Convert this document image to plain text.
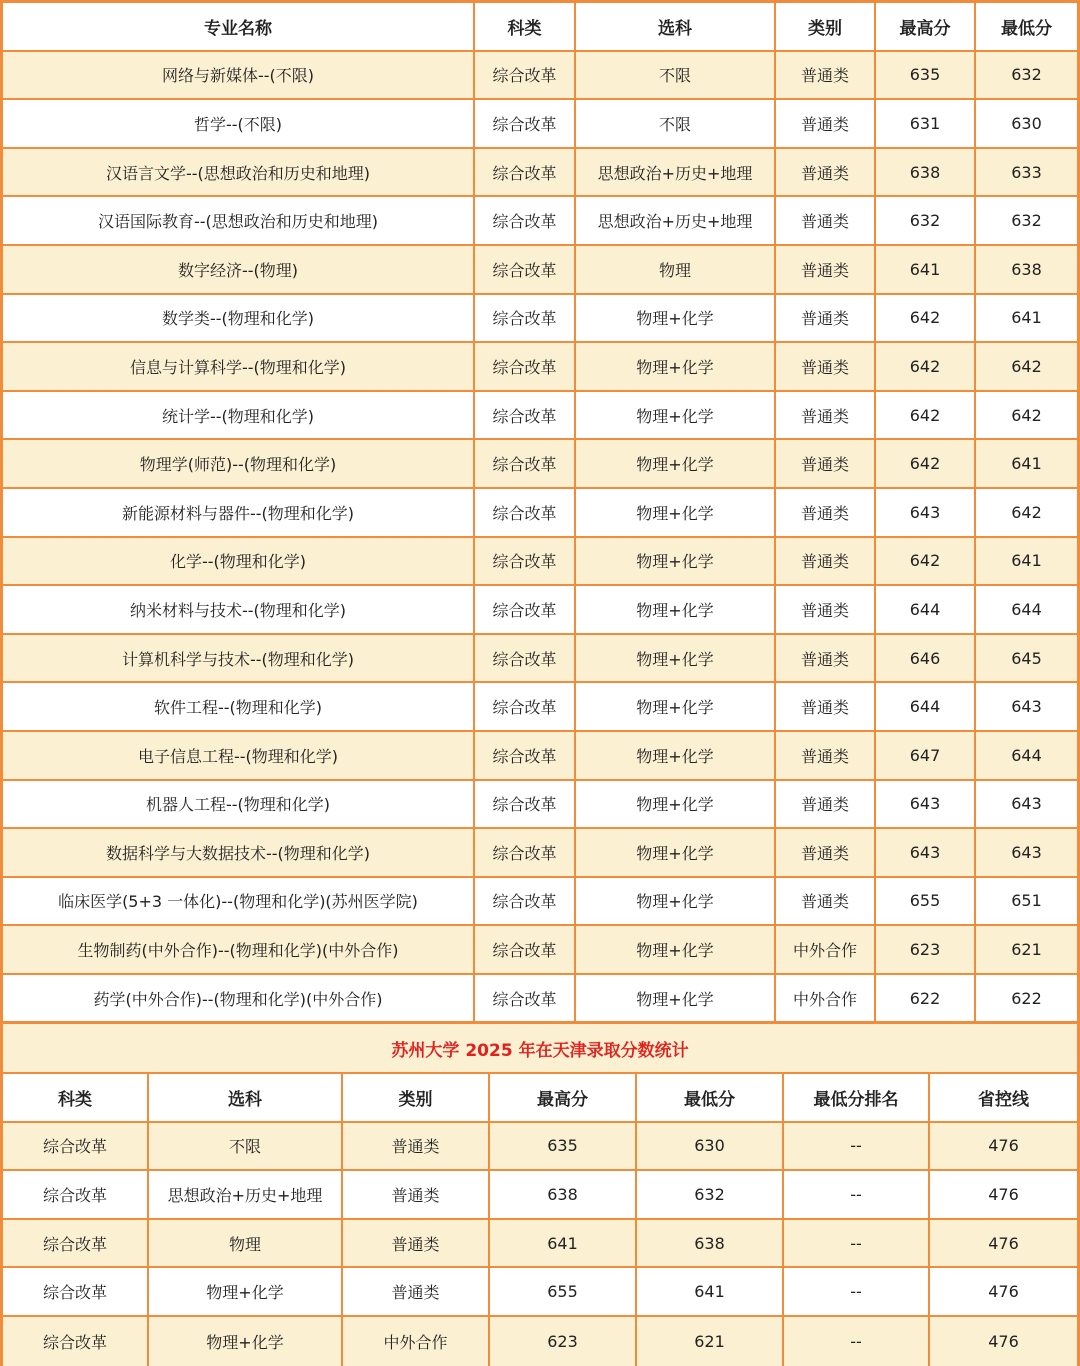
专业名称	科类	选科	类别	最高分	最低分
网络与新媒体--(不限)	综合改革	不限	普通类	635	632
哲学--(不限)	综合改革	不限	普通类	631	630
汉语言文学--(思想政治和历史和地理)	综合改革	思想政治+历史+地理	普通类	638	633
汉语国际教育--(思想政治和历史和地理)	综合改革	思想政治+历史+地理	普通类	632	632
数字经济--(物理)	综合改革	物理	普通类	641	638
数学类--(物理和化学)	综合改革	物理+化学	普通类	642	641
信息与计算科学--(物理和化学)	综合改革	物理+化学	普通类	642	642
统计学--(物理和化学)	综合改革	物理+化学	普通类	642	642
物理学(师范)--(物理和化学)	综合改革	物理+化学	普通类	642	641
新能源材料与器件--(物理和化学)	综合改革	物理+化学	普通类	643	642
化学--(物理和化学)	综合改革	物理+化学	普通类	642	641
纳米材料与技术--(物理和化学)	综合改革	物理+化学	普通类	644	644
计算机科学与技术--(物理和化学)	综合改革	物理+化学	普通类	646	645
软件工程--(物理和化学)	综合改革	物理+化学	普通类	644	643
电子信息工程--(物理和化学)	综合改革	物理+化学	普通类	647	644
机器人工程--(物理和化学)	综合改革	物理+化学	普通类	643	643
数据科学与大数据技术--(物理和化学)	综合改革	物理+化学	普通类	643	643
临床医学(5+3 一体化)--(物理和化学)(苏州医学院)	综合改革	物理+化学	普通类	655	651
生物制药(中外合作)--(物理和化学)(中外合作)	综合改革	物理+化学	中外合作	623	621
药学(中外合作)--(物理和化学)(中外合作)	综合改革	物理+化学	中外合作	622	622
苏州大学 2025 年在天津录取分数统计
科类	选科	类别	最高分	最低分	最低分排名	省控线
综合改革	不限	普通类	635	630	--	476
综合改革	思想政治+历史+地理	普通类	638	632	--	476
综合改革	物理	普通类	641	638	--	476
综合改革	物理+化学	普通类	655	641	--	476
综合改革	物理+化学	中外合作	623	621	--	476
